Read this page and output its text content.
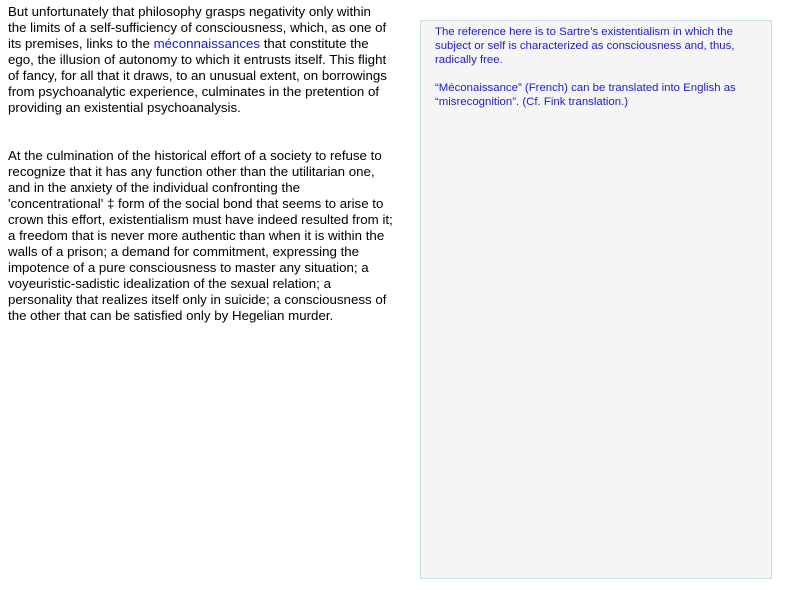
But unfortunately that philosophy grasps negativity only within the limits of a self-sufficiency of consciousness, which, as one of its premises, links to the méconnaissances that constitute the ego, the illusion of autonomy to which it entrusts itself. This flight of fancy, for all that it draws, to an unusual extent, on borrowings from psychoanalytic experience, culminates in the pretention of providing an existential psychoanalysis.

At the culmination of the historical effort of a society to refuse to recognize that it has any function other than the utilitarian one, and in the anxiety of the individual confronting the 'concentrational' ‡ form of the social bond that seems to arise to crown this effort, existentialism must have indeed resulted from it; a freedom that is never more authentic than when it is within the walls of a prison; a demand for commitment, expressing the impotence of a pure consciousness to master any situation; a voyeuristic-sadistic idealization of the sexual relation; a personality that realizes itself only in suicide; a consciousness of the other that can be satisfied only by Hegelian murder.

The reference here is to Sartre’s existentialism in which the subject or self is characterized as consciousness and, thus, radically free.

“Méconaissance” (French) can be translated into English as “misrecognition”. (Cf. Fink translation.)
